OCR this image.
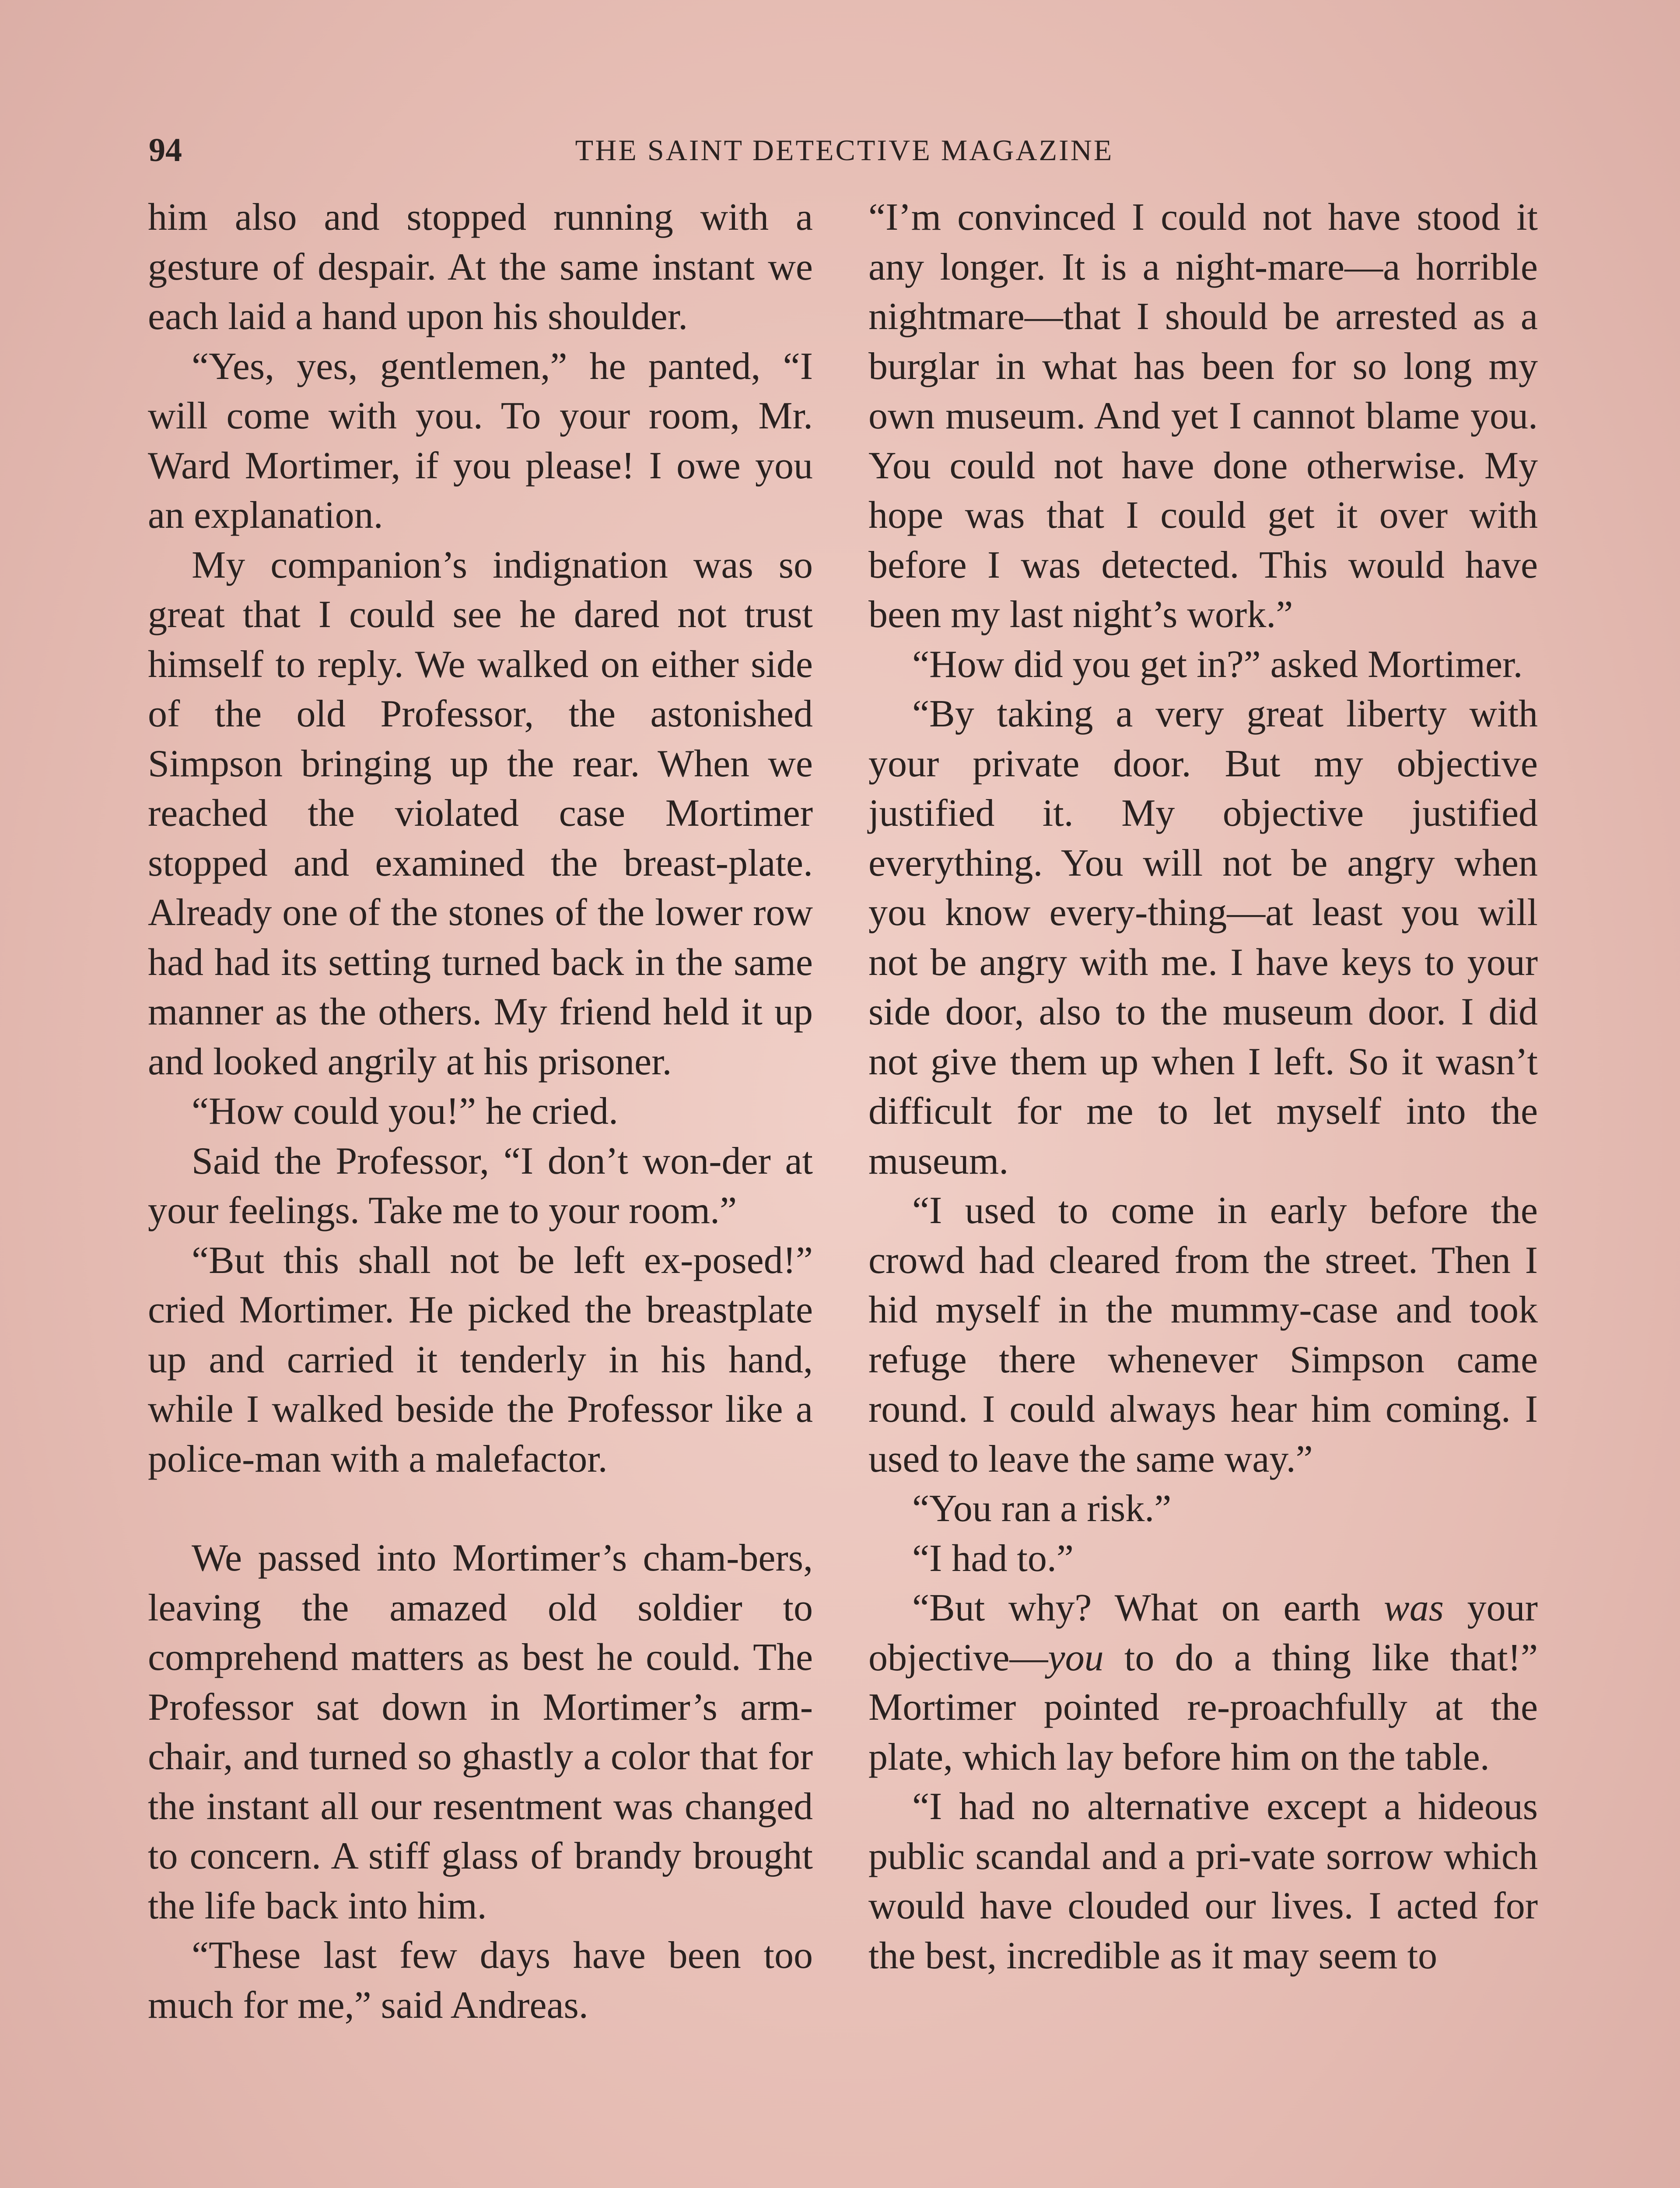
94	THE SAINT DETECTIVE MAGAZINE

him also and stopped running with a gesture of despair. At the same instant we each laid a hand upon his shoulder.

“Yes, yes, gentlemen,” he panted, “I will come with you. To your room, Mr. Ward Mortimer, if you please! I owe you an explanation.

My companion’s indignation was so great that I could see he dared not trust himself to reply. We walked on either side of the old Professor, the astonished Simpson bringing up the rear. When we reached the violated case Mortimer stopped and examined the breast-plate. Already one of the stones of the lower row had had its setting turned back in the same manner as the others. My friend held it up and looked angrily at his prisoner.

“How could you!” he cried.

Said the Professor, “I don’t won-der at your feelings. Take me to your room.”

“But this shall not be left ex-posed!” cried Mortimer. He picked the breastplate up and carried it tenderly in his hand, while I walked beside the Professor like a police-man with a malefactor.

We passed into Mortimer’s cham-bers, leaving the amazed old soldier to comprehend matters as best he could. The Professor sat down in Mortimer’s arm-chair, and turned so ghastly a color that for the instant all our resentment was changed to concern. A stiff glass of brandy brought the life back into him.

“These last few days have been too much for me,” said Andreas.

“I’m convinced I could not have stood it any longer. It is a night-mare—a horrible nightmare—that I should be arrested as a burglar in what has been for so long my own museum. And yet I cannot blame you. You could not have done otherwise. My hope was that I could get it over with before I was detected. This would have been my last night’s work.”

“How did you get in?” asked Mortimer.

“By taking a very great liberty with your private door. But my objective justified it. My objective justified everything. You will not be angry when you know every-thing—at least you will not be angry with me. I have keys to your side door, also to the museum door. I did not give them up when I left. So it wasn’t difficult for me to let myself into the museum.

“I used to come in early before the crowd had cleared from the street. Then I hid myself in the mummy-case and took refuge there whenever Simpson came round. I could always hear him coming. I used to leave the same way.”

“You ran a risk.”

“I had to.”

“But why? What on earth was your objective—you to do a thing like that!” Mortimer pointed re-proachfully at the plate, which lay before him on the table.

“I had no alternative except a hideous public scandal and a pri-vate sorrow which would have clouded our lives. I acted for the best, incredible as it may seem to
